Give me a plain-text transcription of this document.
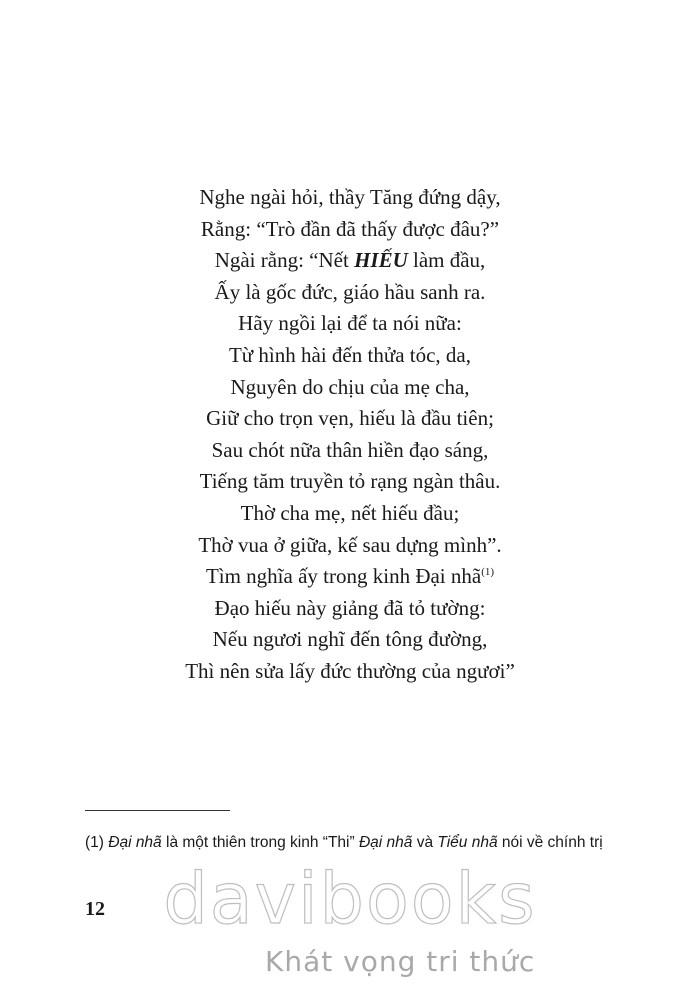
Nghe ngài hỏi, thầy Tăng đứng dậy,
Rằng: “Trò đần đã thấy được đâu?”
Ngài rằng: “Nết HIẾU làm đầu,
Ấy là gốc đức, giáo hầu sanh ra.
Hãy ngồi lại để ta nói nữa:
Từ hình hài đến thửa tóc, da,
Nguyên do chịu của mẹ cha,
Giữ cho trọn vẹn, hiếu là đầu tiên;
Sau chót nữa thân hiền đạo sáng,
Tiếng tăm truyền tỏ rạng ngàn thâu.
Thờ cha mẹ, nết hiếu đầu;
Thờ vua ở giữa, kế sau dựng mình”.
Tìm nghĩa ấy trong kinh Đại nhã$^{(1)}$
Đạo hiếu này giảng đã tỏ tường:
Nếu ngươi nghĩ đến tông đường,
Thì nên sửa lấy đức thường của ngươi”
(1) Đại nhã là một thiên trong kinh “Thi” Đại nhã và Tiểu nhã nói về chính trị
12 davibooks
Khát vọng tri thức
